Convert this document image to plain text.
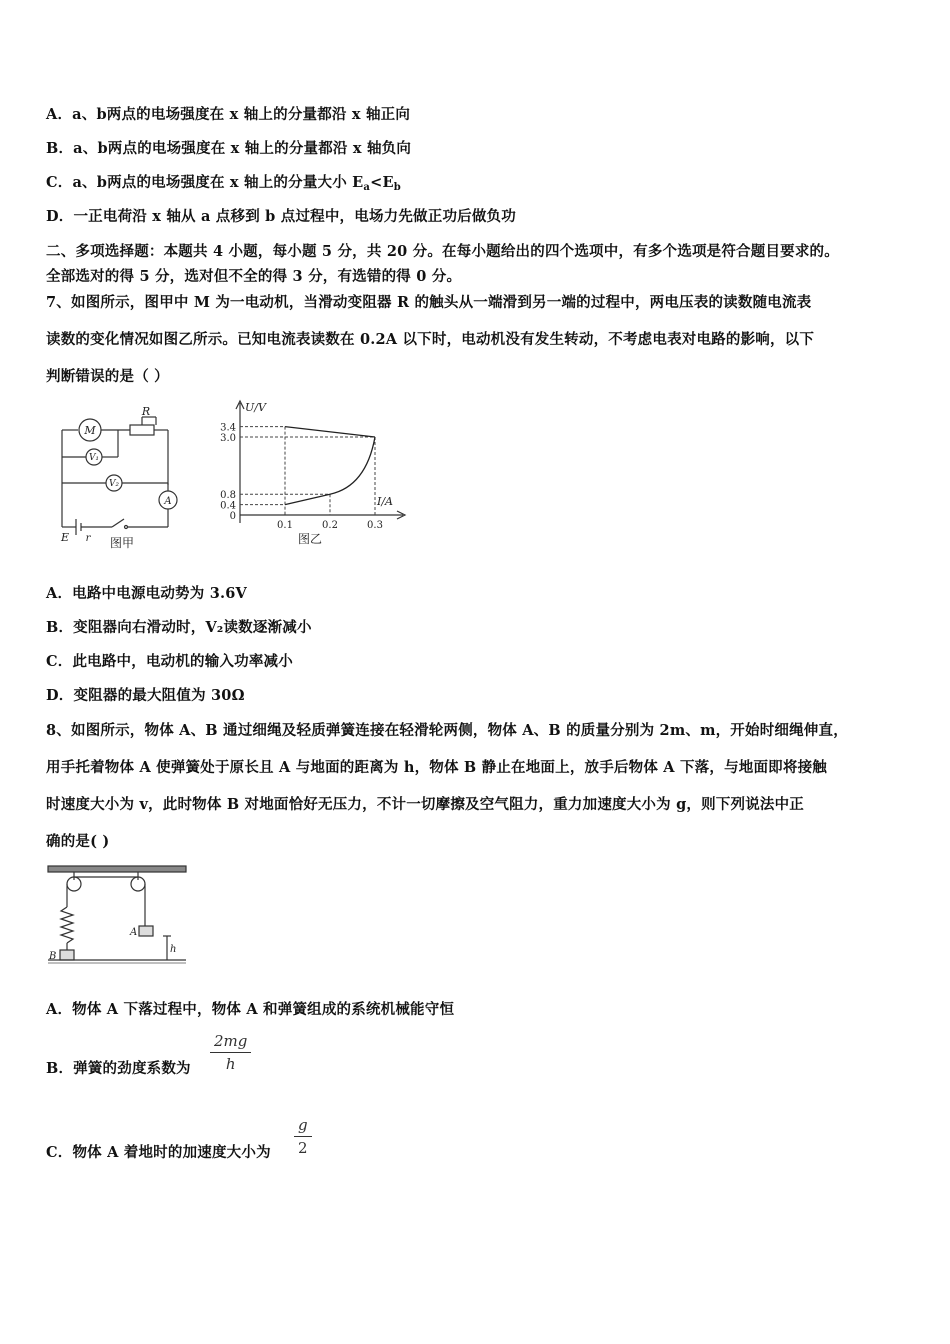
A．a、b两点的电场强度在 x 轴上的分量都沿 x 轴正向
B．a、b两点的电场强度在 x 轴上的分量都沿 x 轴负向
C．a、b两点的电场强度在 x 轴上的分量大小 $E_a<E_b$
D．一正电荷沿 x 轴从 a 点移到 b 点过程中，电场力先做正功后做负功
二、多项选择题：本题共 4 小题，每小题 5 分，共 20 分。在每小题给出的四个选项中，有多个选项是符合题目要求的。
全部选对的得 5 分，选对但不全的得 3 分，有选错的得 0 分。
7、如图所示，图甲中 M 为一电动机，当滑动变阻器 R 的触头从一端滑到另一端的过程中，两电压表的读数随电流表
读数的变化情况如图乙所示。已知电流表读数在 0.2A 以下时，电动机没有发生转动，不考虑电表对电路的影响，以下
判断错误的是（ ）
M
R
V₁
V₂
A
E r 图甲
3.4
3.0
0.8
0.4
0
0.1	0.2	0.3
U/V
I/A
图乙
A．电路中电源电动势为 3.6V
B．变阻器向右滑动时，V₂读数逐渐减小
C．此电路中，电动机的输入功率减小
D．变阻器的最大阻值为 30Ω
8、如图所示，物体 A、B 通过细绳及轻质弹簧连接在轻滑轮两侧，物体 A、B 的质量分别为 2m、m，开始时细绳伸直，
用手托着物体 A 使弹簧处于原长且 A 与地面的距离为 h，物体 B 静止在地面上，放手后物体 A 下落，与地面即将接触
时速度大小为 v，此时物体 B 对地面恰好无压力，不计一切摩擦及空气阻力，重力加速度大小为 g，则下列说法中正
确的是( )
A
B
h
A．物体 A 下落过程中，物体 A 和弹簧组成的系统机械能守恒
B．弹簧的劲度系数为
2mg
h
C．物体 A 着地时的加速度大小为
g
2
